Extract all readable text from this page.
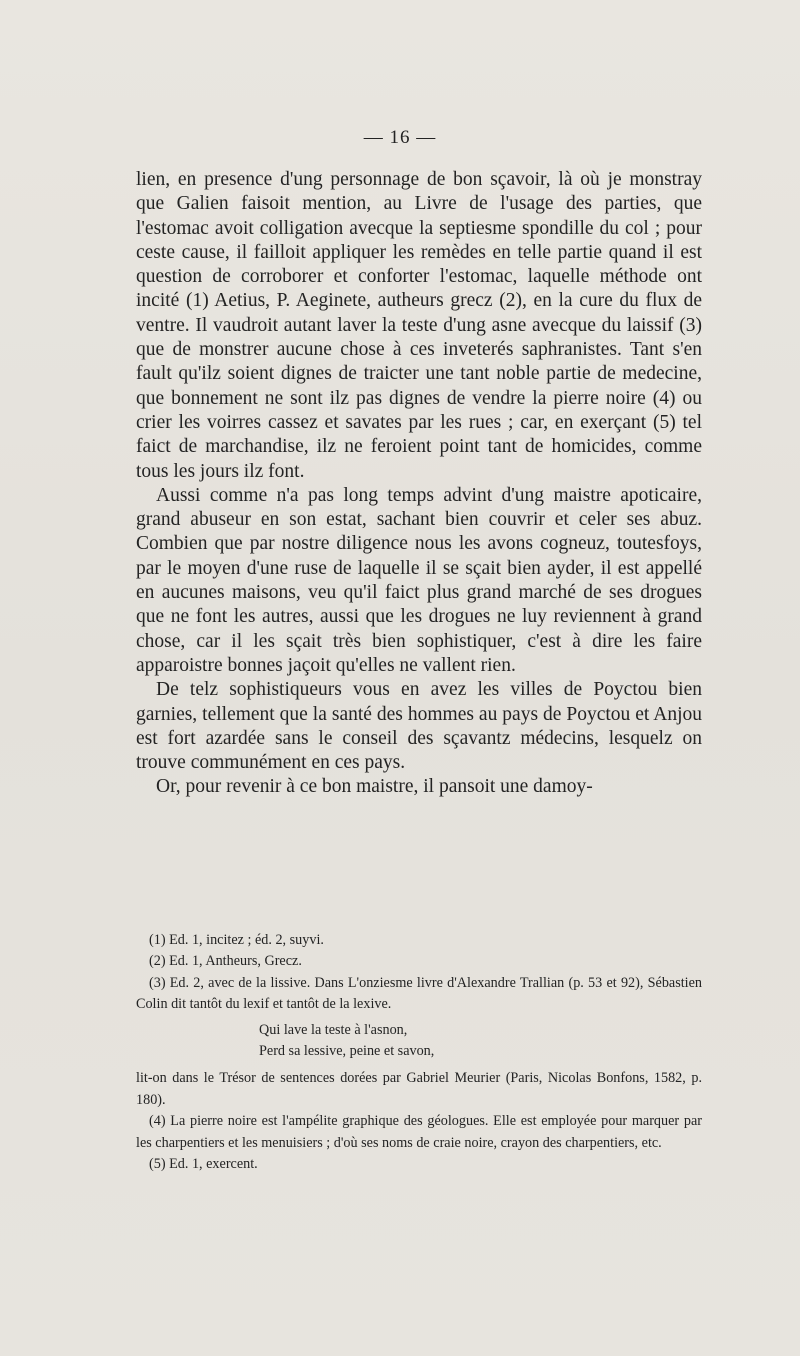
— 16 —

lien, en presence d'ung personnage de bon sçavoir, là où je monstray que Galien faisoit mention, au Livre de l'usage des parties, que l'estomac avoit colligation avecque la septiesme spondille du col ; pour ceste cause, il failloit appliquer les remèdes en telle partie quand il est question de corroborer et conforter l'estomac, laquelle méthode ont incité (1) Aetius, P. Aeginete, autheurs grecz (2), en la cure du flux de ventre. Il vaudroit autant laver la teste d'ung asne avecque du laissif (3) que de monstrer aucune chose à ces inveterés saphranistes. Tant s'en fault qu'ilz soient dignes de traicter une tant noble partie de medecine, que bonnement ne sont ilz pas dignes de vendre la pierre noire (4) ou crier les voirres cassez et savates par les rues ; car, en exerçant (5) tel faict de marchandise, ilz ne feroient point tant de homicides, comme tous les jours ilz font.

Aussi comme n'a pas long temps advint d'ung maistre apoticaire, grand abuseur en son estat, sachant bien couvrir et celer ses abuz. Combien que par nostre diligence nous les avons cogneuz, toutesfoys, par le moyen d'une ruse de laquelle il se sçait bien ayder, il est appellé en aucunes maisons, veu qu'il faict plus grand marché de ses drogues que ne font les autres, aussi que les drogues ne luy reviennent à grand chose, car il les sçait très bien sophistiquer, c'est à dire les faire apparoistre bonnes jaçoit qu'elles ne vallent rien.

De telz sophistiqueurs vous en avez les villes de Poyctou bien garnies, tellement que la santé des hommes au pays de Poyctou et Anjou est fort azardée sans le conseil des sçavantz médecins, lesquelz on trouve communément en ces pays.

Or, pour revenir à ce bon maistre, il pansoit une damoy-

(1) Ed. 1, incitez ; éd. 2, suyvi.

(2) Ed. 1, Antheurs, Grecz.

(3) Ed. 2, avec de la lissive. Dans L'onziesme livre d'Alexandre Trallian (p. 53 et 92), Sébastien Colin dit tantôt du lexif et tantôt de la lexive.

Qui lave la teste à l'asnon,

Perd sa lessive, peine et savon,

lit-on dans le Trésor de sentences dorées par Gabriel Meurier (Paris, Nicolas Bonfons, 1582, p. 180).

(4) La pierre noire est l'ampélite graphique des géologues. Elle est employée pour marquer par les charpentiers et les menuisiers ; d'où ses noms de craie noire, crayon des charpentiers, etc.

(5) Ed. 1, exercent.
